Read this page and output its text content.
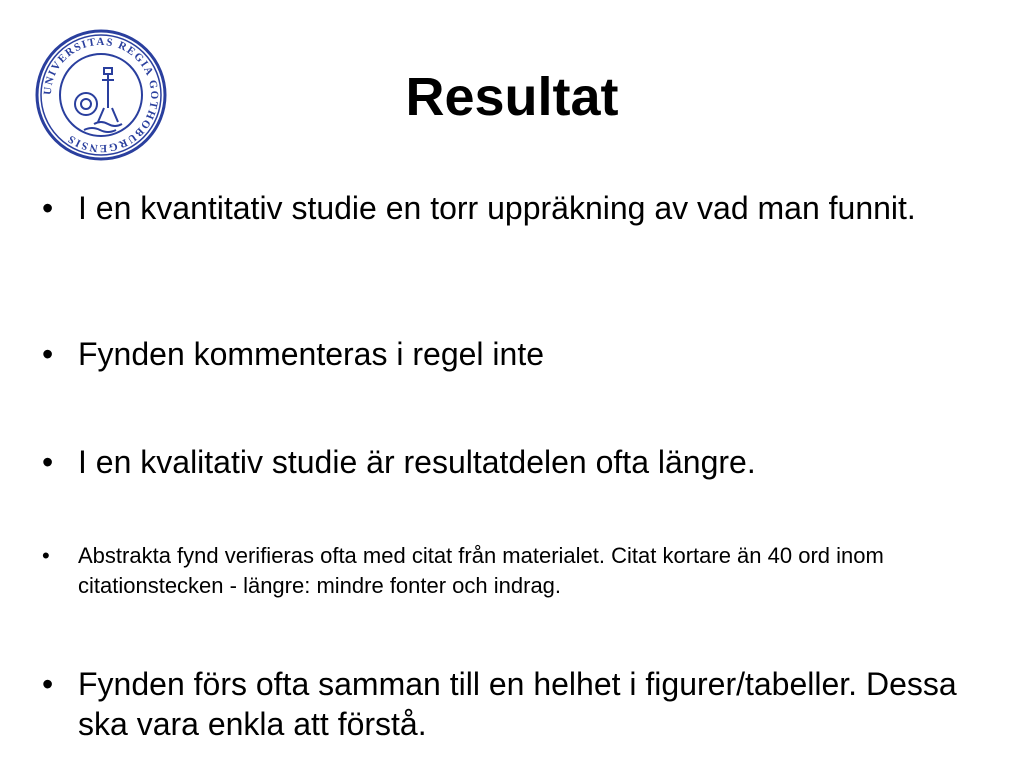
UNIVERSITAS REGIA GOTHOBURGENSIS
Resultat
• I en kvantitativ studie en torr uppräkning av vad man funnit.
• Fynden kommenteras i regel inte
• I en kvalitativ studie är resultatdelen ofta längre.
• Abstrakta fynd verifieras ofta med citat från materialet. Citat kortare än 40 ord inom citationstecken - längre: mindre fonter och indrag.
• Fynden förs ofta samman till en helhet i figurer/tabeller. Dessa ska vara enkla att förstå.
